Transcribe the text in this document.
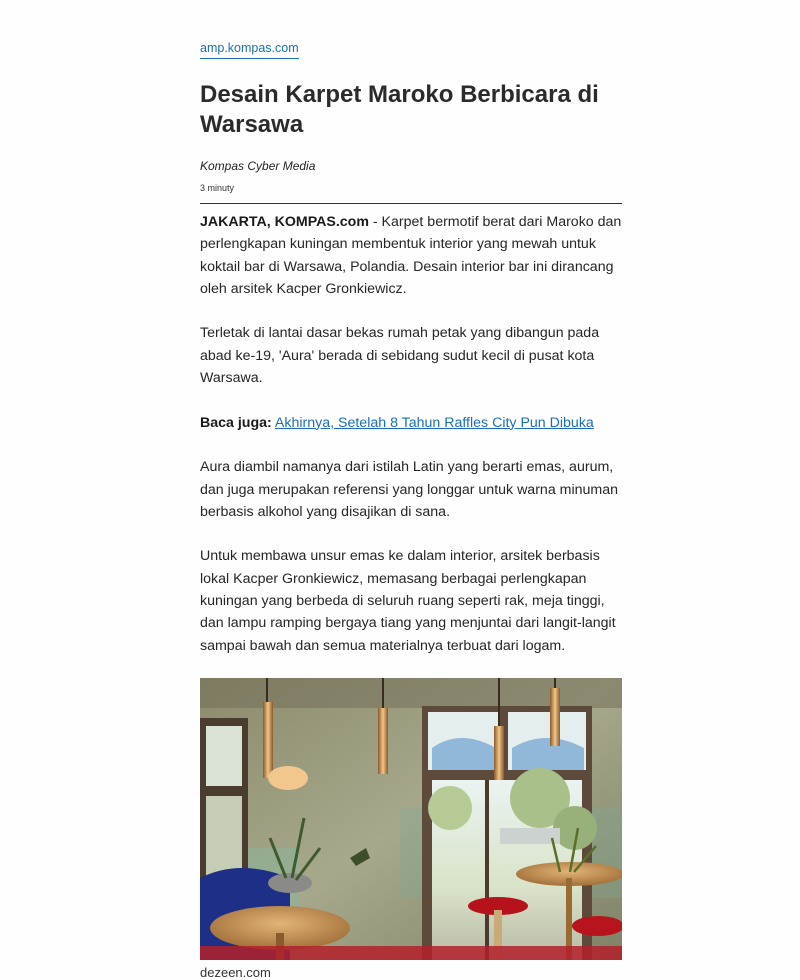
amp.kompas.com
Desain Karpet Maroko Berbicara di Warsawa
Kompas Cyber Media
3 minuty

JAKARTA, KOMPAS.com - Karpet bermotif berat dari Maroko dan perlengkapan kuningan membentuk interior yang mewah untuk koktail bar di Warsawa, Polandia. Desain interior bar ini dirancang oleh arsitek Kacper Gronkiewicz.

Terletak di lantai dasar bekas rumah petak yang dibangun pada abad ke-19, 'Aura' berada di sebidang sudut kecil di pusat kota Warsawa.

Baca juga: Akhirnya, Setelah 8 Tahun Raffles City Pun Dibuka

Aura diambil namanya dari istilah Latin yang berarti emas, aurum, dan juga merupakan referensi yang longgar untuk warna minuman berbasis alkohol yang disajikan di sana.

Untuk membawa unsur emas ke dalam interior, arsitek berbasis lokal Kacper Gronkiewicz, memasang berbagai perlengkapan kuningan yang berbeda di seluruh ruang seperti rak, meja tinggi, dan lampu ramping bergaya tiang yang menjuntai dari langit-langit sampai bawah dan semua materialnya terbuat dari logam.

dezeen.com
